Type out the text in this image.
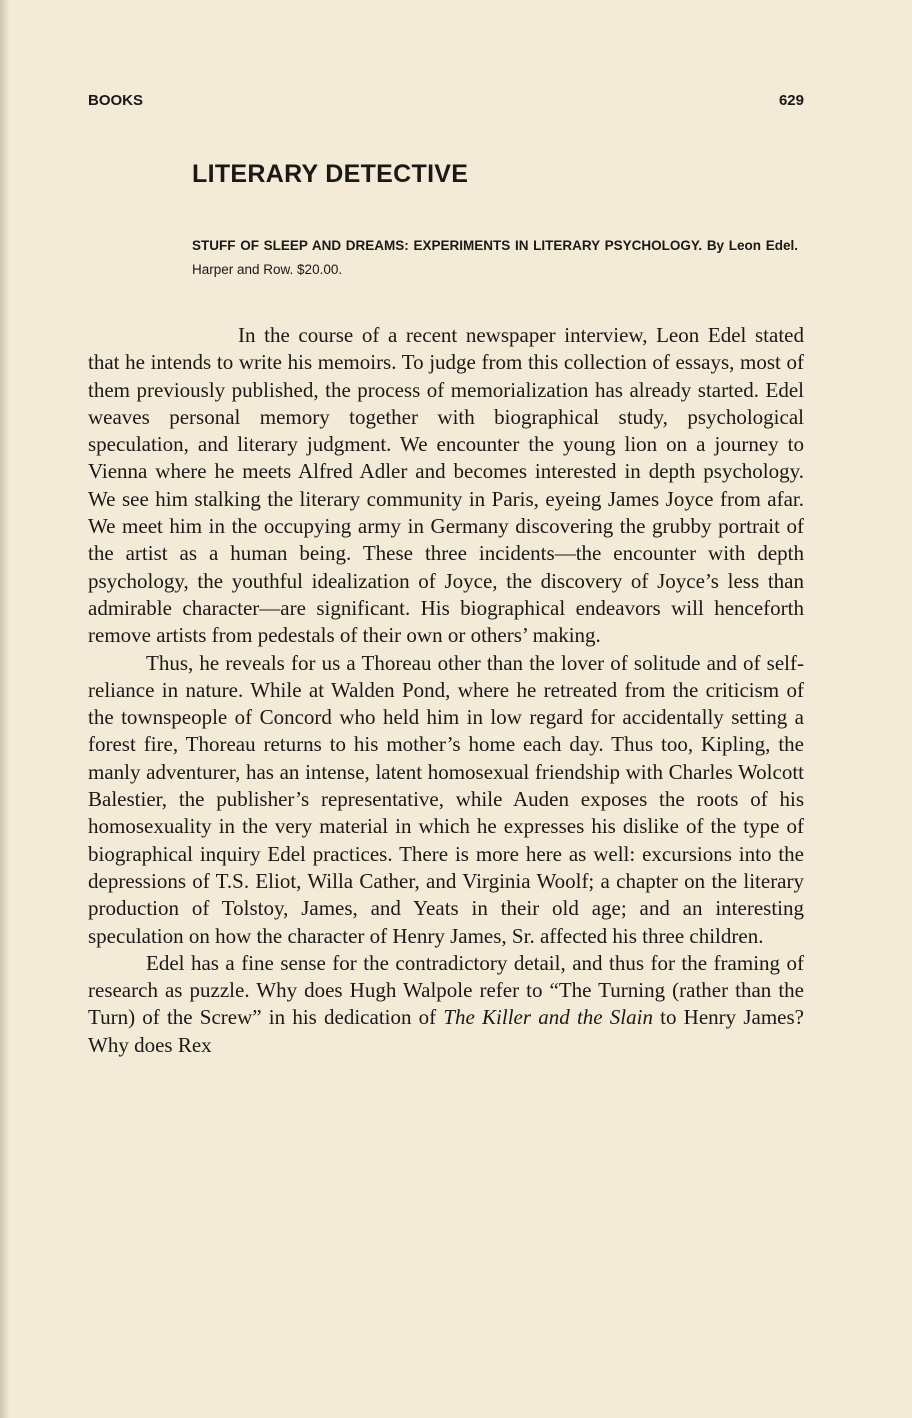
BOOKS	629
LITERARY DETECTIVE
STUFF OF SLEEP AND DREAMS: EXPERIMENTS IN LITERARY PSYCHOLOGY. By Leon Edel. Harper and Row. $20.00.

In the course of a recent newspaper interview, Leon Edel stated that he intends to write his memoirs. To judge from this collection of essays, most of them previously published, the process of memorialization has already started. Edel weaves personal memory together with biographical study, psychological speculation, and literary judgment. We encounter the young lion on a journey to Vienna where he meets Alfred Adler and becomes interested in depth psychology. We see him stalking the literary community in Paris, eyeing James Joyce from afar. We meet him in the occupying army in Germany discovering the grubby portrait of the artist as a human being. These three incidents—the encounter with depth psychology, the youthful idealization of Joyce, the discovery of Joyce’s less than admirable character—are significant. His biographical endeavors will henceforth remove artists from pedestals of their own or others’ making.

Thus, he reveals for us a Thoreau other than the lover of solitude and of self-reliance in nature. While at Walden Pond, where he retreated from the criticism of the townspeople of Concord who held him in low regard for accidentally setting a forest fire, Thoreau returns to his mother’s home each day. Thus too, Kipling, the manly adventurer, has an intense, latent homosexual friendship with Charles Wolcott Balestier, the publisher’s representative, while Auden exposes the roots of his homosexuality in the very material in which he expresses his dislike of the type of biographical inquiry Edel practices. There is more here as well: excursions into the depressions of T.S. Eliot, Willa Cather, and Virginia Woolf; a chapter on the literary production of Tolstoy, James, and Yeats in their old age; and an interesting speculation on how the character of Henry James, Sr. affected his three children.

Edel has a fine sense for the contradictory detail, and thus for the framing of research as puzzle. Why does Hugh Walpole refer to “The Turning (rather than the Turn) of the Screw” in his dedication of The Killer and the Slain to Henry James? Why does Rex
